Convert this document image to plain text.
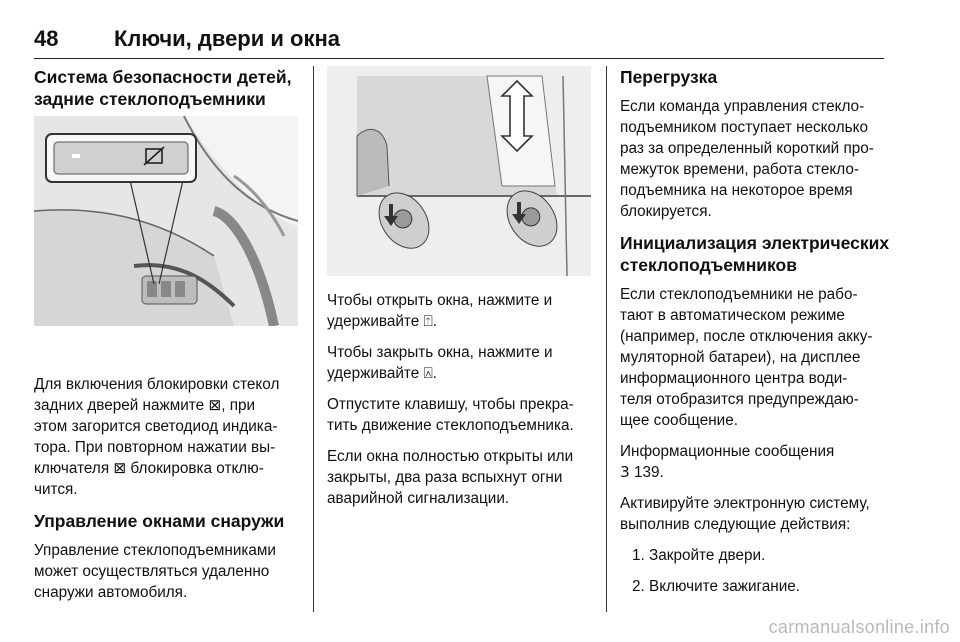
48	Ключи, двери и окна
Система безопасности детей,
задние стеклоподъемники
Для включения блокировки стекол
задних дверей нажмите ⊠, при
этом загорится светодиод индика-
тора. При повторном нажатии вы-
ключателя ⊠ блокировка отклю-
чится.
Управление окнами снаружи
Управление стеклоподъемниками
может осуществляться удаленно
снаружи автомобиля.
Чтобы открыть окна, нажмите и
удерживайте ⍐.
Чтобы закрыть окна, нажмите и
удерживайте ⍓.
Отпустите клавишу, чтобы прекра-
тить движение стеклоподъемника.
Если окна полностью открыты или
закрыты, два раза вспыхнут огни
аварийной сигнализации.
Перегрузка
Если команда управления стекло-
подъемником поступает несколько
раз за определенный короткий про-
межуток времени, работа стекло-
подъемника на некоторое время
блокируется.
Инициализация электрических
стеклоподъемников
Если стеклоподъемники не рабо-
тают в автоматическом режиме
(например, после отключения акку-
муляторной батареи), на дисплее
информационного центра води-
теля отобразится предупреждаю-
щее сообщение.
Информационные сообщения
3 139.
Активируйте электронную систему,
выполнив следующие действия:
1. Закройте двери.
2. Включите зажигание.
carmanualsonline.info
